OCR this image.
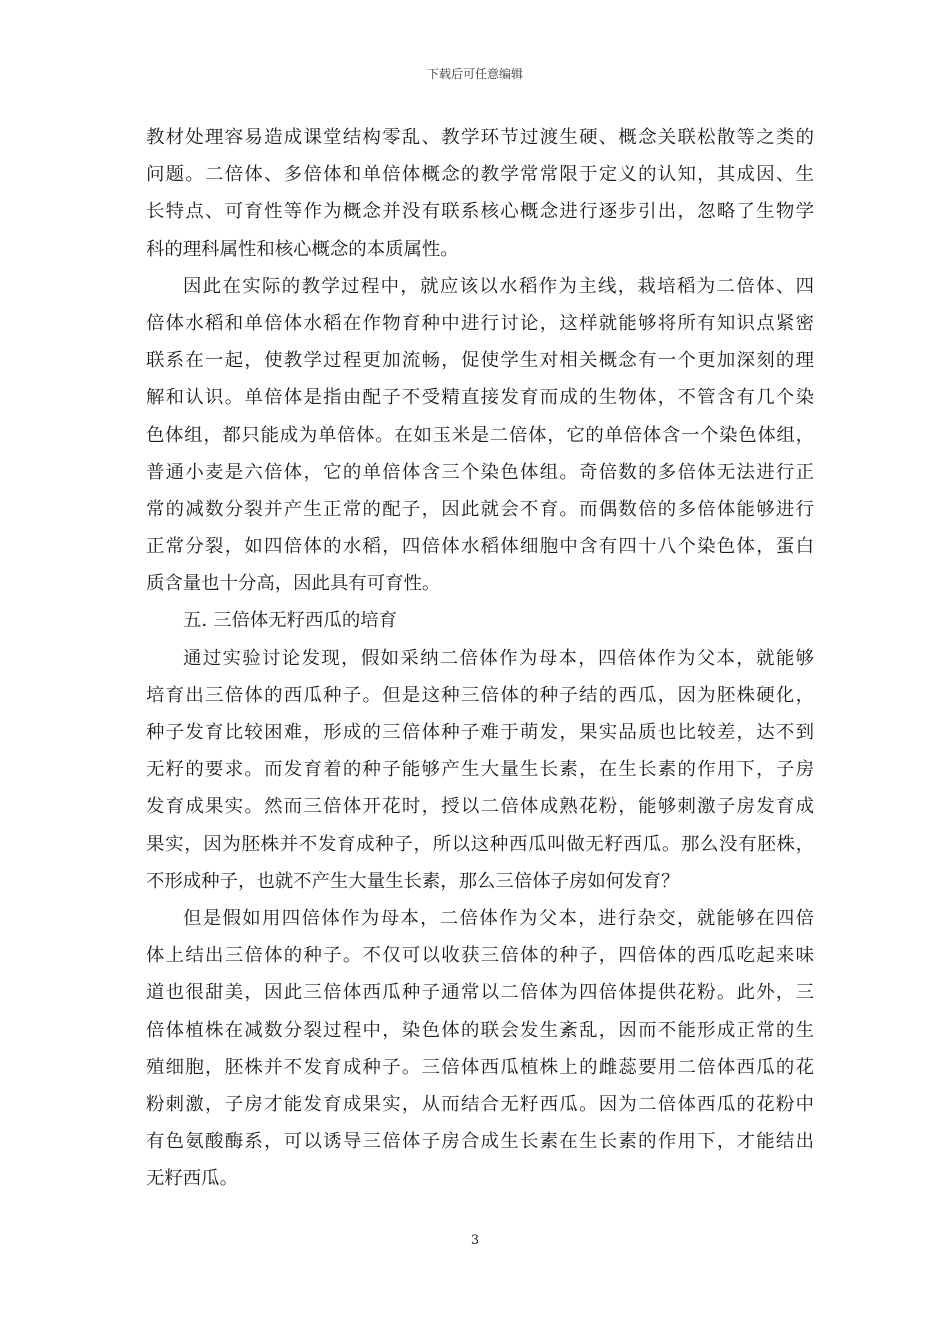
下载后可任意编辑
教材处理容易造成课堂结构零乱、教学环节过渡生硬、概念关联松散等之类的
问题。二倍体、多倍体和单倍体概念的教学常常限于定义的认知，其成因、生
长特点、可育性等作为概念并没有联系核心概念进行逐步引出，忽略了生物学
科的理科属性和核心概念的本质属性。
因此在实际的教学过程中，就应该以水稻作为主线，栽培稻为二倍体、四
倍体水稻和单倍体水稻在作物育种中进行讨论，这样就能够将所有知识点紧密
联系在一起，使教学过程更加流畅，促使学生对相关概念有一个更加深刻的理
解和认识。单倍体是指由配子不受精直接发育而成的生物体，不管含有几个染
色体组，都只能成为单倍体。在如玉米是二倍体，它的单倍体含一个染色体组，
普通小麦是六倍体，它的单倍体含三个染色体组。奇倍数的多倍体无法进行正
常的减数分裂并产生正常的配子，因此就会不育。而偶数倍的多倍体能够进行
正常分裂，如四倍体的水稻，四倍体水稻体细胞中含有四十八个染色体，蛋白
质含量也十分高，因此具有可育性。
五. 三倍体无籽西瓜的培育
通过实验讨论发现，假如采纳二倍体作为母本，四倍体作为父本，就能够
培育出三倍体的西瓜种子。但是这种三倍体的种子结的西瓜，因为胚株硬化，
种子发育比较困难，形成的三倍体种子难于萌发，果实品质也比较差，达不到
无籽的要求。而发育着的种子能够产生大量生长素，在生长素的作用下，子房
发育成果实。然而三倍体开花时，授以二倍体成熟花粉，能够刺激子房发育成
果实，因为胚株并不发育成种子，所以这种西瓜叫做无籽西瓜。那么没有胚株，
不形成种子，也就不产生大量生长素，那么三倍体子房如何发育？
但是假如用四倍体作为母本，二倍体作为父本，进行杂交，就能够在四倍
体上结出三倍体的种子。不仅可以收获三倍体的种子，四倍体的西瓜吃起来味
道也很甜美，因此三倍体西瓜种子通常以二倍体为四倍体提供花粉。此外，三
倍体植株在减数分裂过程中，染色体的联会发生紊乱，因而不能形成正常的生
殖细胞，胚株并不发育成种子。三倍体西瓜植株上的雌蕊要用二倍体西瓜的花
粉刺激，子房才能发育成果实，从而结合无籽西瓜。因为二倍体西瓜的花粉中
有色氨酸酶系，可以诱导三倍体子房合成生长素在生长素的作用下，才能结出
无籽西瓜。
3
